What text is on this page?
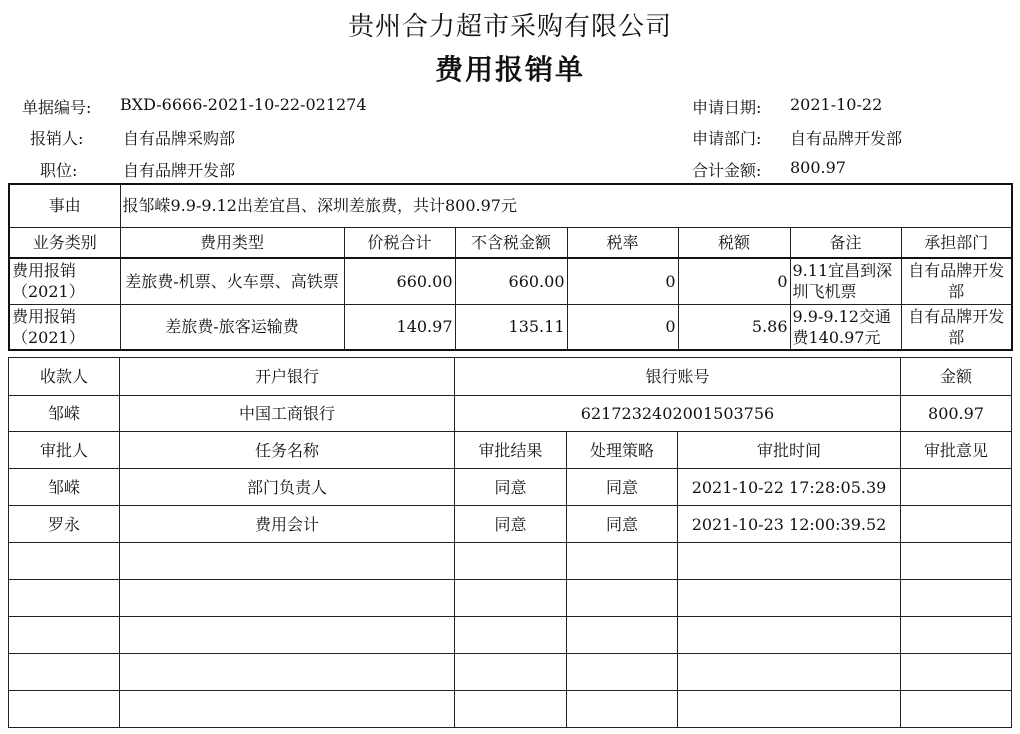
贵州合力超市采购有限公司
费用报销单
单据编号: BXD-6666-2021-10-22-021274	申请日期: 2021-10-22
报销人: 自有品牌采购部	申请部门: 自有品牌开发部
职位:	自有品牌开发部	合计金额: 800.97
事由	报邹嵘9.9-9.12出差宜昌、深圳差旅费，共计800.97元						
业务类别	费用类型	价税合计	不含税金额	税率	税额	备注	承担部门
费用报销（2021）	差旅费-机票、火车票、高铁票	660.00	660.00	0	0	9.11宜昌到深圳飞机票	自有品牌开发部
费用报销（2021）	差旅费-旅客运输费	140.97	135.11	0	5.86	9.9-9.12交通费140.97元	自有品牌开发部
收款人	开户银行	银行账号			金额
邹嵘	中国工商银行	6217232402001503756			800.97
审批人	任务名称	审批结果	处理策略	审批时间	审批意见
邹嵘	部门负责人	同意	同意	2021-10-22 17:28:05.39	
罗永	费用会计	同意	同意	2021-10-23 12:00:39.52	
